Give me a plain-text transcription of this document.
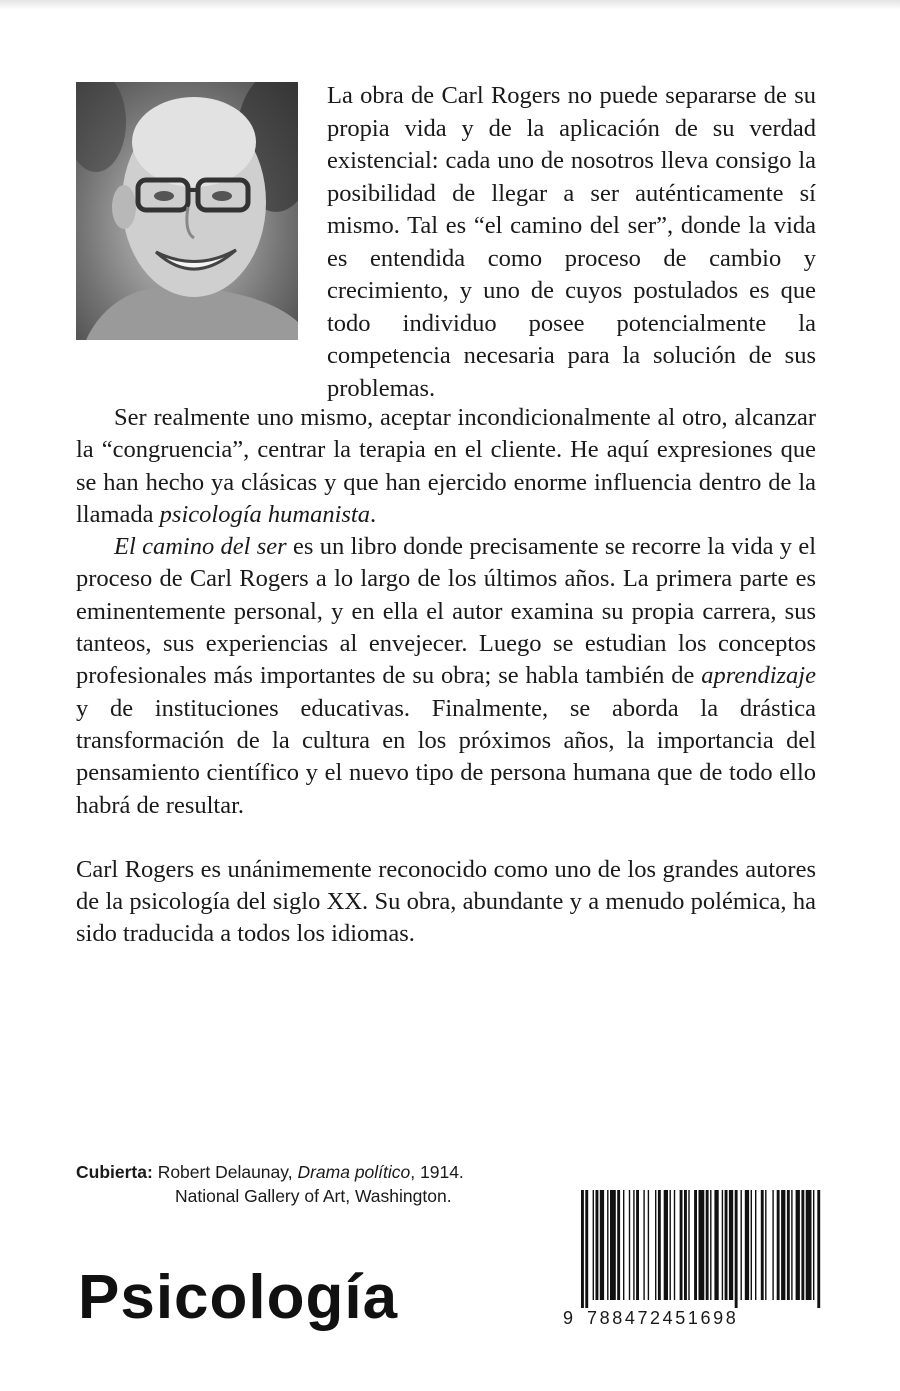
La obra de Carl Rogers no puede separarse de su propia vida y de la aplicación de su verdad existencial: cada uno de nosotros lleva consigo la posibilidad de llegar a ser auténticamente sí mismo. Tal es “el camino del ser”, donde la vida es entendida como proceso de cambio y crecimiento, y uno de cuyos postulados es que todo individuo posee potencialmente la competencia necesaria para la solución de sus problemas.

Ser realmente uno mismo, aceptar incondicionalmente al otro, alcanzar la “congruencia”, centrar la terapia en el cliente. He aquí expresiones que se han hecho ya clásicas y que han ejercido enorme influencia dentro de la llamada psicología humanista.

El camino del ser es un libro donde precisamente se recorre la vida y el proceso de Carl Rogers a lo largo de los últimos años. La primera parte es eminentemente personal, y en ella el autor examina su propia carrera, sus tanteos, sus experiencias al envejecer. Luego se estudian los conceptos profesionales más importantes de su obra; se habla también de aprendizaje y de instituciones educativas. Finalmente, se aborda la drástica transformación de la cultura en los próximos años, la importancia del pensamiento científico y el nuevo tipo de persona humana que de todo ello habrá de resultar.

Carl Rogers es unánimemente reconocido como uno de los grandes autores de la psicología del siglo XX. Su obra, abundante y a menudo polémica, ha sido traducida a todos los idiomas.

Cubierta: Robert Delaunay, Drama político, 1914.
National Gallery of Art, Washington.
Psicología	9 788472451698
